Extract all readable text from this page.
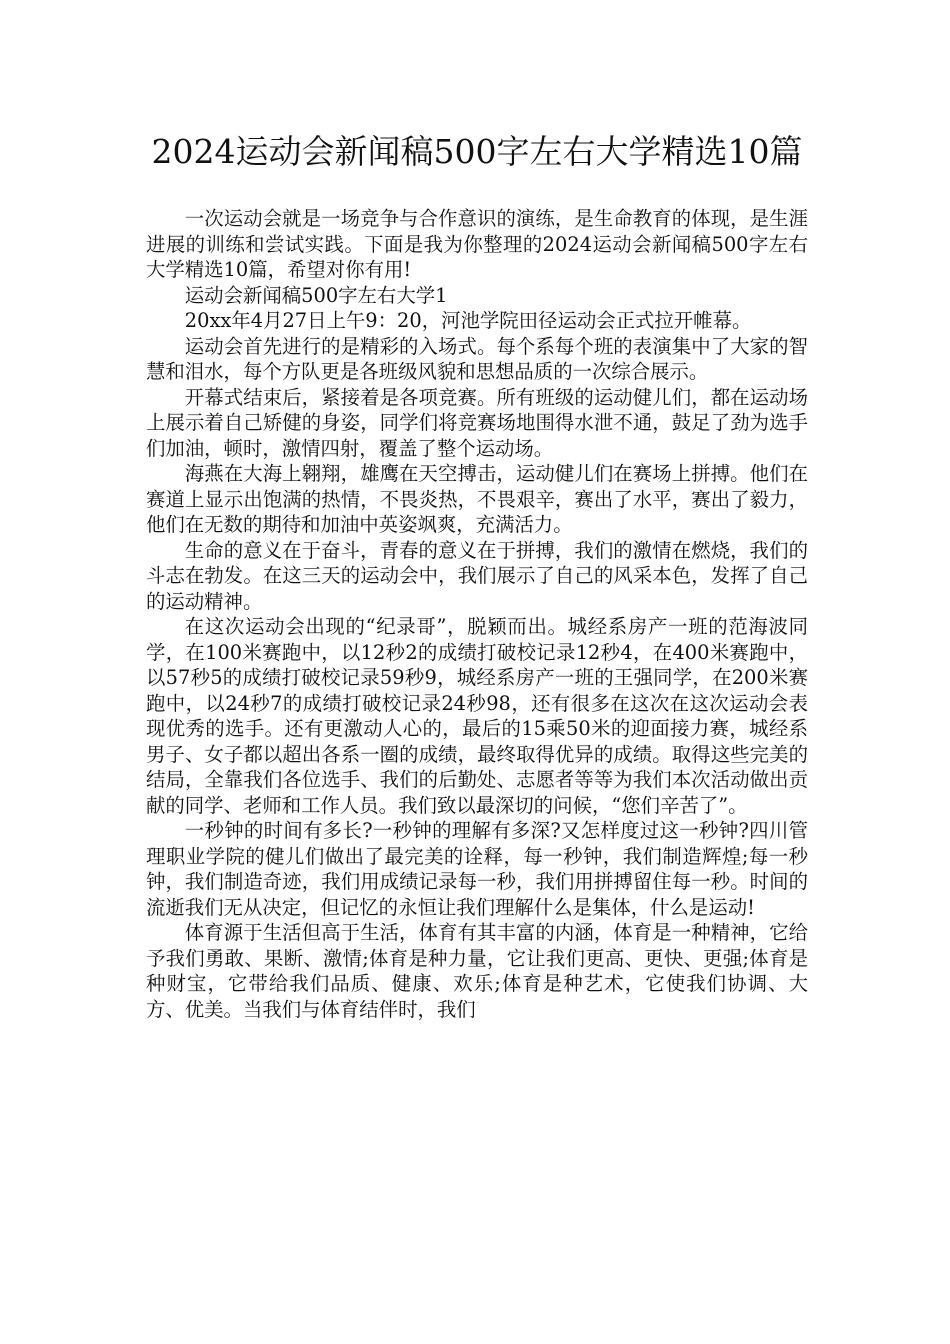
2024运动会新闻稿500字左右大学精选10篇

一次运动会就是一场竞争与合作意识的演练，是生命教育的体现，是生涯进展的训练和尝试实践。下面是我为你整理的2024运动会新闻稿500字左右大学精选10篇，希望对你有用!

运动会新闻稿500字左右大学1

20xx年4月27日上午9：20，河池学院田径运动会正式拉开帷幕。

运动会首先进行的是精彩的入场式。每个系每个班的表演集中了大家的智慧和泪水，每个方队更是各班级风貌和思想品质的一次综合展示。

开幕式结束后，紧接着是各项竞赛。所有班级的运动健儿们，都在运动场上展示着自己矫健的身姿，同学们将竞赛场地围得水泄不通，鼓足了劲为选手们加油，顿时，激情四射，覆盖了整个运动场。

海燕在大海上翱翔，雄鹰在天空搏击，运动健儿们在赛场上拼搏。他们在赛道上显示出饱满的热情，不畏炎热，不畏艰辛，赛出了水平，赛出了毅力，他们在无数的期待和加油中英姿飒爽，充满活力。

生命的意义在于奋斗，青春的意义在于拼搏，我们的激情在燃烧，我们的斗志在勃发。在这三天的运动会中，我们展示了自己的风采本色，发挥了自己的运动精神。

在这次运动会出现的“纪录哥”，脱颖而出。城经系房产一班的范海波同学，在100米赛跑中，以12秒2的成绩打破校记录12秒4，在400米赛跑中，以57秒5的成绩打破校记录59秒9，城经系房产一班的王强同学，在200米赛跑中，以24秒7的成绩打破校记录24秒98，还有很多在这次在这次运动会表现优秀的选手。还有更激动人心的，最后的15乘50米的迎面接力赛，城经系男子、女子都以超出各系一圈的成绩，最终取得优异的成绩。取得这些完美的结局，全靠我们各位选手、我们的后勤处、志愿者等等为我们本次活动做出贡献的同学、老师和工作人员。我们致以最深切的问候，“您们辛苦了”。

一秒钟的时间有多长?一秒钟的理解有多深?又怎样度过这一秒钟?四川管理职业学院的健儿们做出了最完美的诠释，每一秒钟，我们制造辉煌;每一秒钟，我们制造奇迹，我们用成绩记录每一秒，我们用拼搏留住每一秒。时间的流逝我们无从决定，但记忆的永恒让我们理解什么是集体，什么是运动!

体育源于生活但高于生活，体育有其丰富的内涵，体育是一种精神，它给予我们勇敢、果断、激情;体育是种力量，它让我们更高、更快、更强;体育是种财宝，它带给我们品质、健康、欢乐;体育是种艺术，它使我们协调、大方、优美。当我们与体育结伴时，我们
